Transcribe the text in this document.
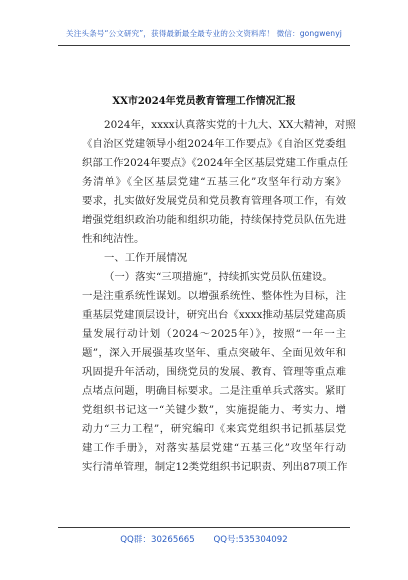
关注头条号“公文研究”，获得最新最全最专业的公文资料库！ 微信：gongwenyj
XX市2024年党员教育管理工作情况汇报
2024年，xxxx认真落实党的十九大、XX大精神，对照
《自治区党建领导小组2024年工作要点》《自治区党委组
织部工作2024年要点》《2024年全区基层党建工作重点任
务清单》《全区基层党建“五基三化”攻坚年行动方案》
要求，扎实做好发展党员和党员教育管理各项工作，有效
增强党组织政治功能和组织功能，持续保持党员队伍先进
性和纯洁性。
一、工作开展情况
（一）落实“三项措施”，持续抓实党员队伍建设。
一是注重系统性谋划。以增强系统性、整体性为目标，注
重基层党建顶层设计，研究出台《xxxx推动基层党建高质
量发展行动计划（2024～2025年）》，按照“一年一主
题”，深入开展强基攻坚年、重点突破年、全面见效年和
巩固提升年活动，围绕党员的发展、教育、管理等重点难
点堵点问题，明确目标要求。二是注重单兵式落实。紧盯
党组织书记这一“关键少数”，实施提能力、考实力、增
动力“三力工程”，研究编印《来宾党组织书记抓基层党
建工作手册》，对落实基层党建“五基三化”攻坚年行动
实行清单管理，制定12类党组织书记职责、列出87项工作
QQ群：30265665 QQ号:535304092
